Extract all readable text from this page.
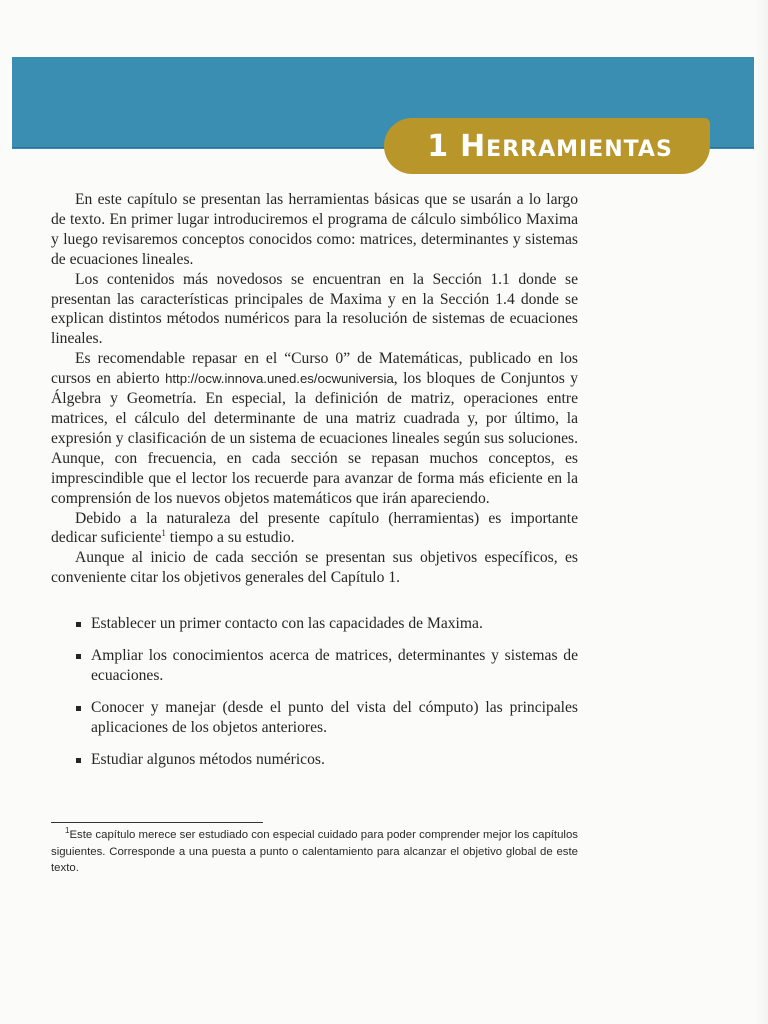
1 HERRAMIENTAS

En este capítulo se presentan las herramientas básicas que se usarán a lo largo de texto. En primer lugar introduciremos el programa de cálculo simbólico Maxima y luego revisaremos conceptos conocidos como: matrices, determinantes y sistemas de ecuaciones lineales.

Los contenidos más novedosos se encuentran en la Sección 1.1 donde se presentan las características principales de Maxima y en la Sección 1.4 donde se explican distintos métodos numéricos para la resolución de sistemas de ecuaciones lineales.

Es recomendable repasar en el “Curso 0” de Matemáticas, publicado en los cursos en abierto http://ocw.innova.uned.es/ocwuniversia, los bloques de Conjuntos y Álgebra y Geometría. En especial, la definición de matriz, operaciones entre matrices, el cálculo del determinante de una matriz cuadrada y, por último, la expresión y clasificación de un sistema de ecuaciones lineales según sus soluciones. Aunque, con frecuencia, en cada sección se repasan muchos conceptos, es imprescindible que el lector los recuerde para avanzar de forma más eficiente en la comprensión de los nuevos objetos matemáticos que irán apareciendo.

Debido a la naturaleza del presente capítulo (herramientas) es importante dedicar suficiente$^1$ tiempo a su estudio.

Aunque al inicio de cada sección se presentan sus objetivos específicos, es conveniente citar los objetivos generales del Capítulo 1.

Establecer un primer contacto con las capacidades de Maxima.
Ampliar los conocimientos acerca de matrices, determinantes y sistemas de ecuaciones.
Conocer y manejar (desde el punto del vista del cómputo) las principales aplicaciones de los objetos anteriores.
Estudiar algunos métodos numéricos.

$^1$Este capítulo merece ser estudiado con especial cuidado para poder comprender mejor los capítulos siguientes. Corresponde a una puesta a punto o calentamiento para alcanzar el objetivo global de este texto.
